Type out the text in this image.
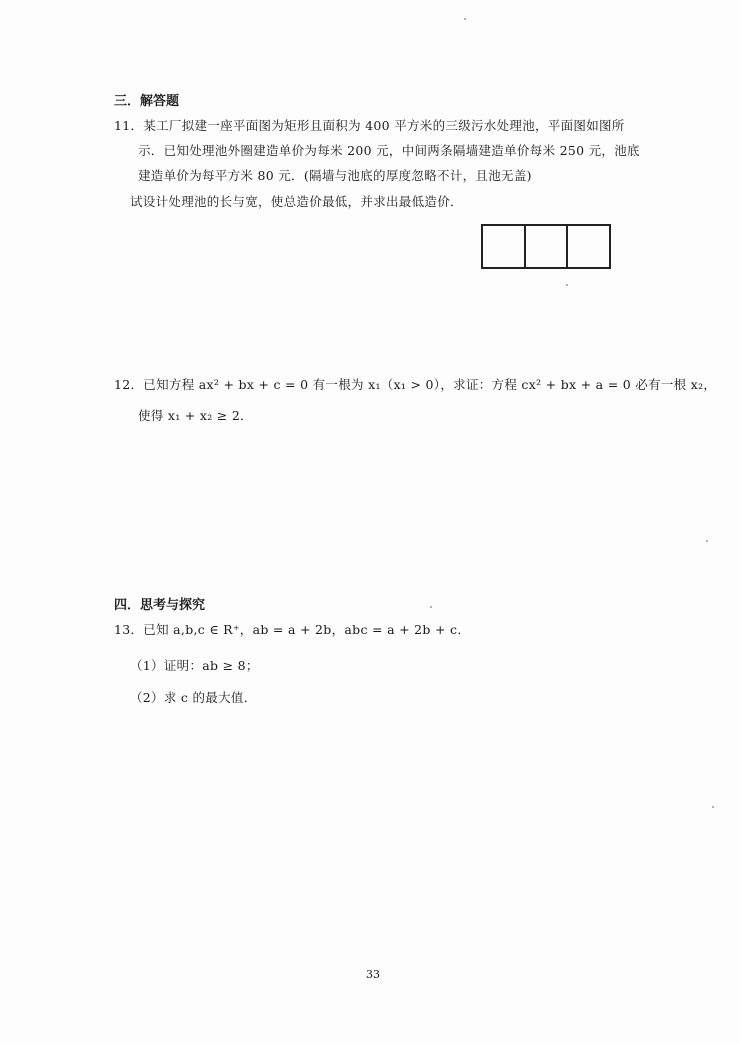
三．解答题
11．某工厂拟建一座平面图为矩形且面积为 400 平方米的三级污水处理池，平面图如图所
示．已知处理池外圈建造单价为每米 200 元，中间两条隔墙建造单价每米 250 元，池底
建造单价为每平方米 80 元．(隔墙与池底的厚度忽略不计，且池无盖)
试设计处理池的长与宽，使总造价最低，并求出最低造价．
12．已知方程 ax² + bx + c = 0 有一根为 x₁（x₁ > 0），求证：方程 cx² + bx + a = 0 必有一根 x₂，
使得 x₁ + x₂ ≥ 2．
四．思考与探究
13．已知 a,b,c ∈ R⁺，ab = a + 2b，abc = a + 2b + c．
（1）证明：ab ≥ 8；
（2）求 c 的最大值．
33
